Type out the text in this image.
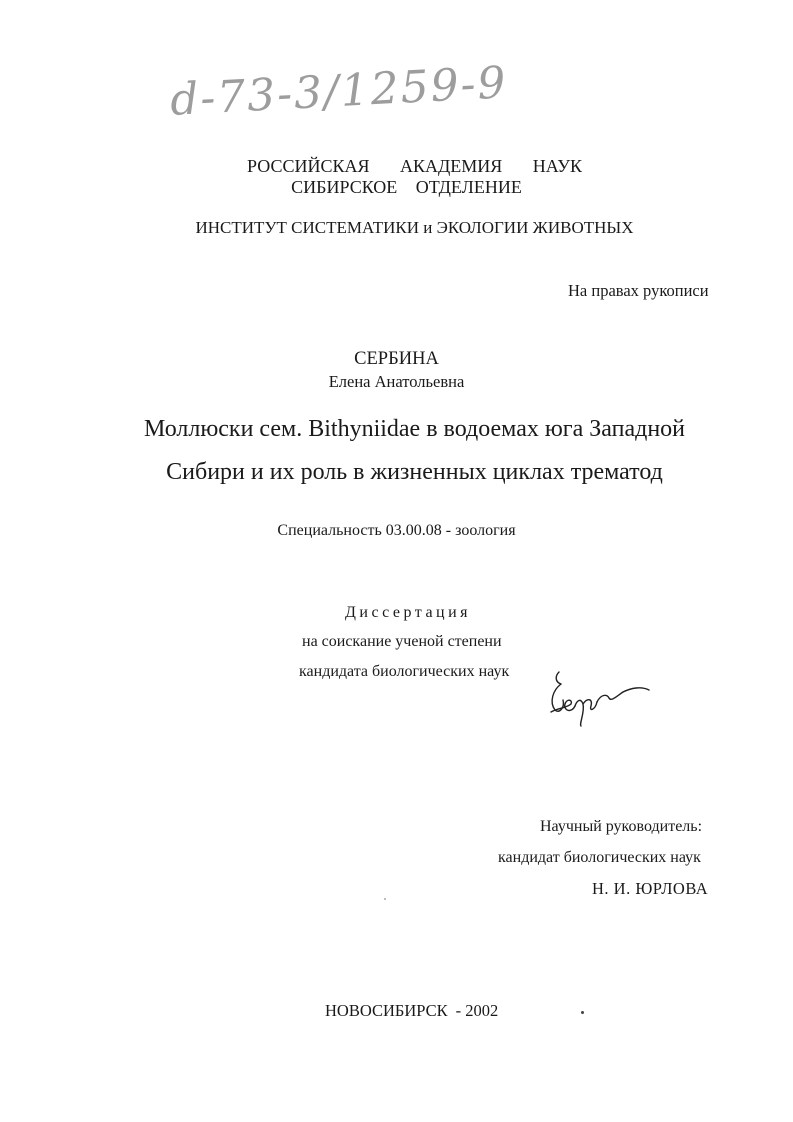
d-73-3/1259-9
РОССИЙСКАЯ АКАДЕМИЯ НАУК
СИБИРСКОЕ ОТДЕЛЕНИЕ
ИНСТИТУТ СИСТЕМАТИКИ и ЭКОЛОГИИ ЖИВОТНЫХ
На правах рукописи
СЕРБИНА
Елена Анатольевна
Моллюски сем. Bithyniidae в водоемах юга Западной
Сибири и их роль в жизненных циклах трематод
Специальность 03.00.08 - зоология
Диссертация
на соискание ученой степени
кандидата биологических наук
Научный руководитель:
кандидат биологических наук
Н. И. ЮРЛОВА
НОВОСИБИРСК - 2002
